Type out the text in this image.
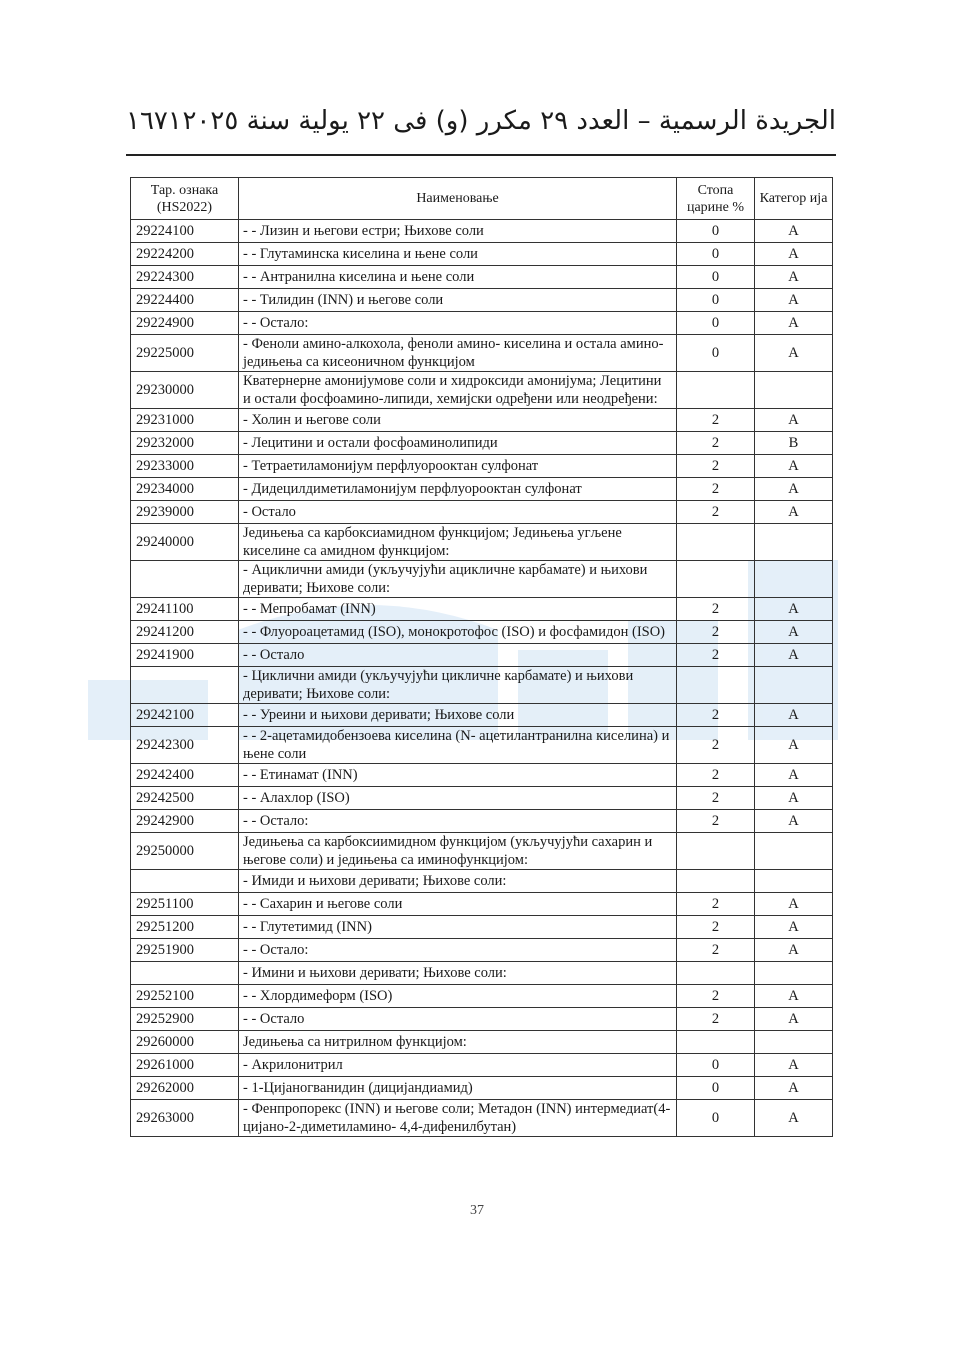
الجريدة الرسمية – العدد ٢٩ مكرر (و) فى ٢٢ يولية سنة ٢٠٢٥
١٦٧١
Тар. ознака (HS2022)	Наименовање	Стопа царине %	Категор ија
29224100	- - Лизин и његови естри; Њихове соли	0	A
29224200	- - Глутаминска киселина и њене соли	0	A
29224300	- - Антранилна киселина и њене соли	0	A
29224400	- - Тилидин (INN) и његове соли	0	A
29224900	- - Остало:	0	A
29225000	- Феноли амино-алкохола, феноли амино- киселина и остала амино- једињења са кисеоничном функцијом	0	A
29230000	Кватернерне амонијумове соли и хидроксиди амонијума; Лецитини и остали фосфоамино-липиди, хемијски одређени или неодређени:		
29231000	- Холин и његове соли	2	A
29232000	- Лецитини и остали фосфоаминолипиди	2	B
29233000	- Тетраетиламонијум перфлуорооктан сулфонат	2	A
29234000	- Дидецилдиметиламонијум перфлуорооктан сулфонат	2	A
29239000	- Остало	2	A
29240000	Једињења са карбоксиамидном функцијом; Једињења угљене киселине са амидном функцијом:		
	- Ациклични амиди (укључујући ацикличне карбамате) и њихови деривати; Њихове соли:		
29241100	- - Мепробамат (INN)	2	A
29241200	- - Флуороацетамид (ISO), монокротофос (ISO) и фосфамидон (ISO)	2	A
29241900	- - Остало	2	A
	- Циклични амиди (укључујући цикличне карбамате) и њихови деривати; Њихове соли:		
29242100	- - Уреини и њихови деривати; Њихове соли	2	A
29242300	- - 2-ацетамидобензоева киселина (N- ацетилантранилна киселина) и њене соли	2	A
29242400	- - Етинамат (INN)	2	A
29242500	- - Алахлор (ISO)	2	A
29242900	- - Остало:	2	A
29250000	Једињења са карбоксиимидном функцијом (укључујући сахарин и његове соли) и једињења са иминофункцијом:		
	- Имиди и њихови деривати; Њихове соли:		
29251100	- - Сахарин и његове соли	2	A
29251200	- - Глутетимид (INN)	2	A
29251900	- - Остало:	2	A
	- Имини и њихови деривати; Њихове соли:		
29252100	- - Хлордимеформ (ISO)	2	A
29252900	- - Остало	2	A
29260000	Једињења са нитрилном функцијом:		
29261000	- Акрилонитрил	0	A
29262000	- 1-Цијаногванидин (дицијандиамид)	0	A
29263000	- Фенпропорекс (INN) и његове соли; Метадон (INN) интермедиат(4-цијано-2-диметиламино- 4,4-дифенилбутан)	0	A
37
